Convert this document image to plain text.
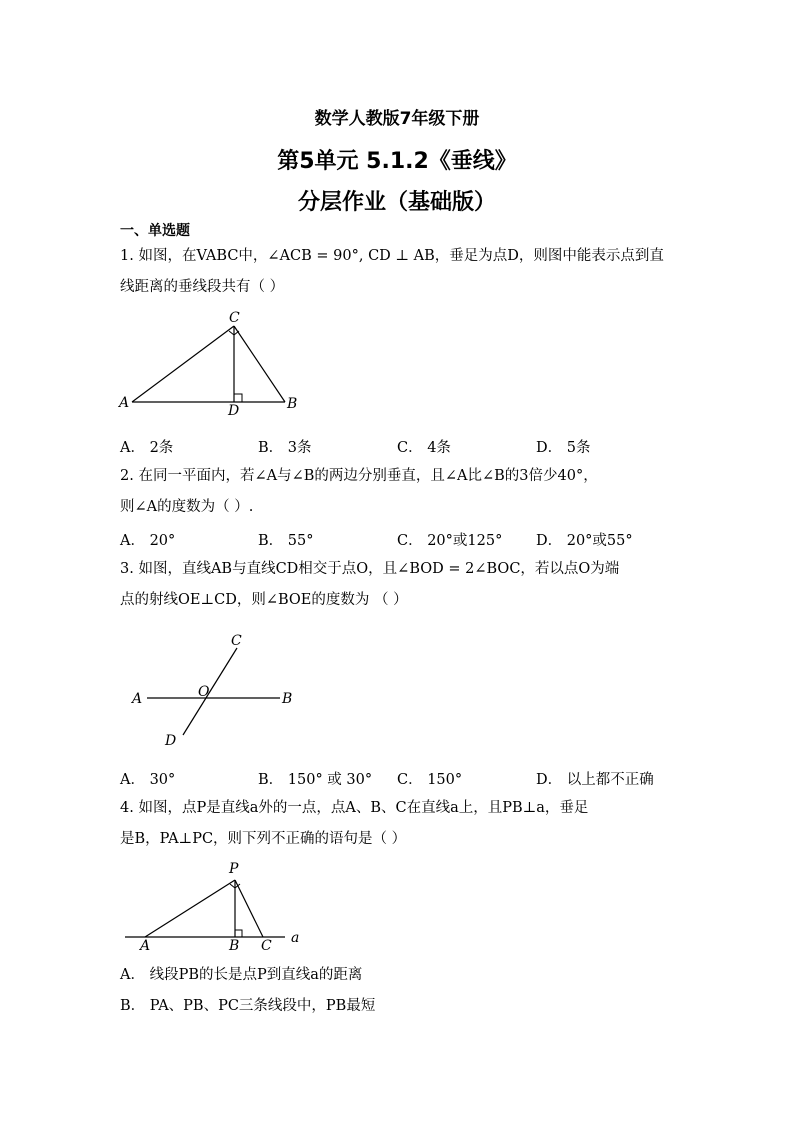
数学人教版7年级下册
第5单元 5.1.2《垂线》
分层作业（基础版）
一、单选题
1. 如图，在VABC中，∠ACB = 90°, CD ⊥ AB，垂足为点D，则图中能表示点到直
线距离的垂线段共有（ ）
C
A	D	B
A． 2条	B． 3条	C． 4条	D． 5条
2. 在同一平面内，若∠A与∠B的两边分别垂直，且∠A比∠B的3倍少40°，
则∠A的度数为（ ）.
A． 20°	B． 55°	C． 20°或125° D． 20°或55°
3. 如图，直线AB与直线CD相交于点O，且∠BOD = 2∠BOC，若以点O为端
点的射线OE⊥CD，则∠BOE的度数为 （ ）
C
A	O	B
D
A． 30°	B． 150° 或 30° C． 150°	D． 以上都不正确
4. 如图，点P是直线a外的一点，点A、B、C在直线a上，且PB⊥a，垂足
是B，PA⊥PC，则下列不正确的语句是（ ）
P
A	B C a
A． 线段PB的长是点P到直线a的距离
B． PA、PB、PC三条线段中，PB最短
